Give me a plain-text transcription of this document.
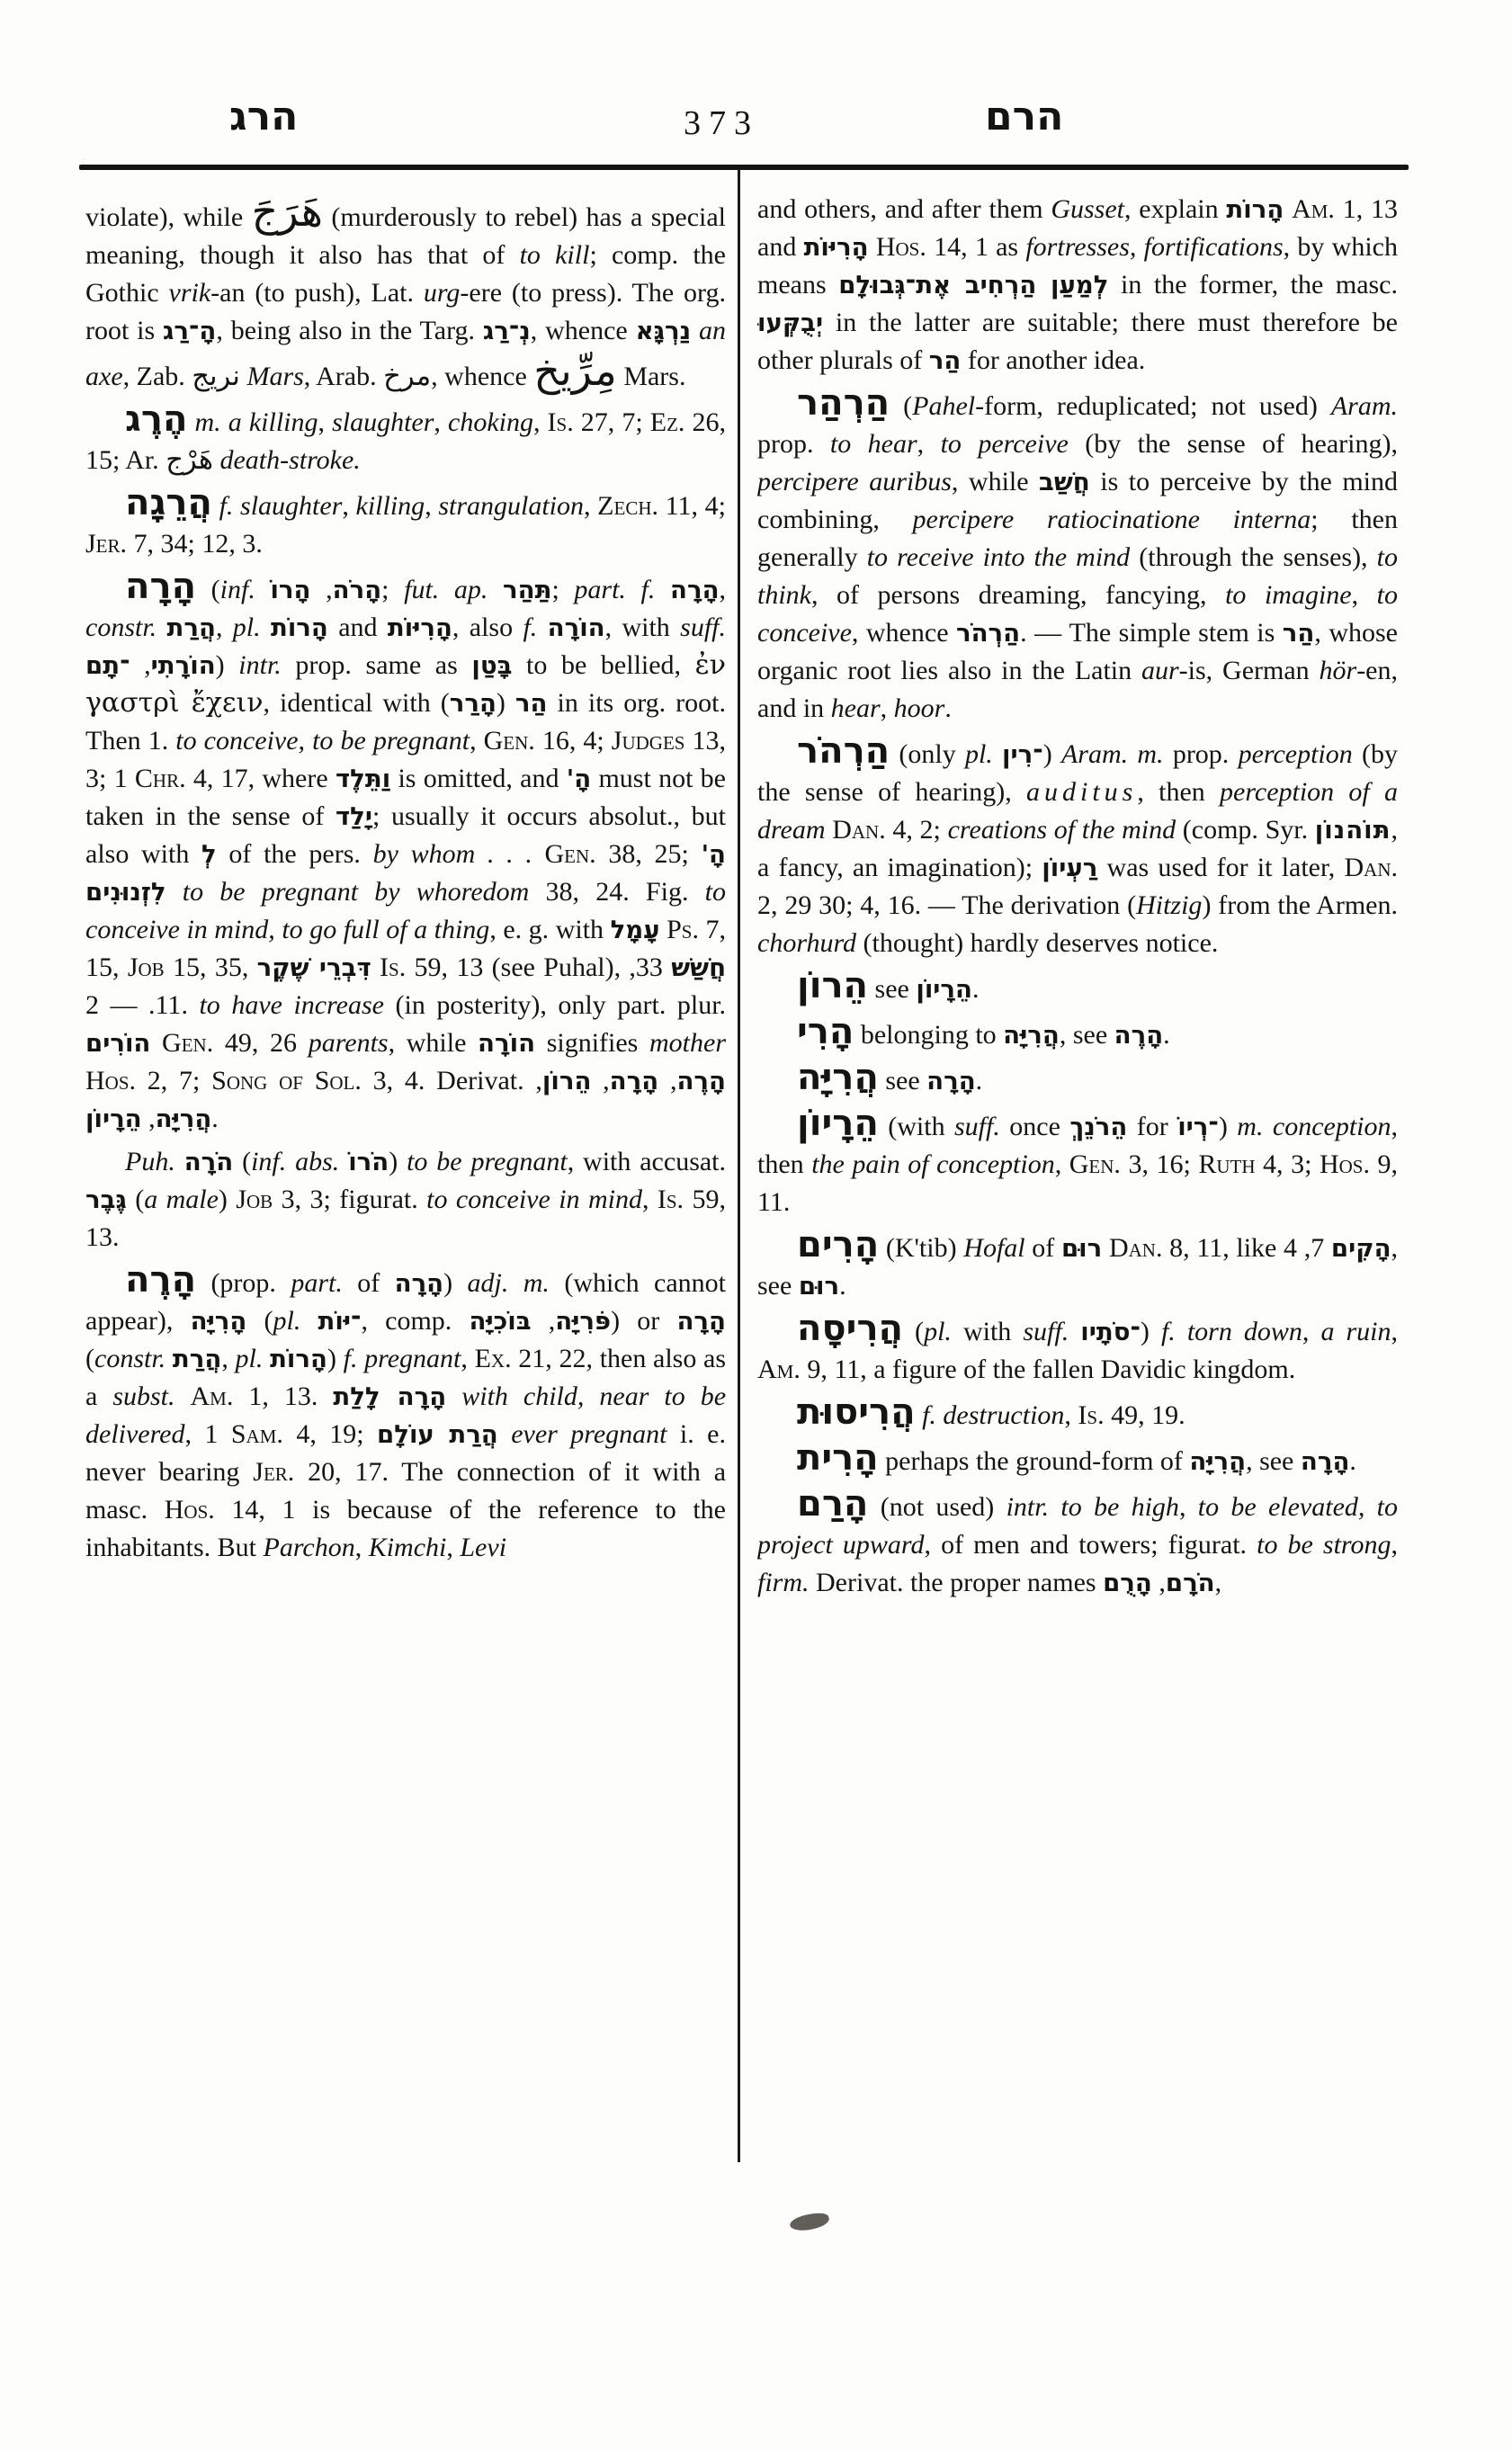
הרג	373	הרם

violate), while هَرَجَ (murderously to rebel) has a special meaning, though it also has that of to kill; comp. the Gothic vrik-an (to push), Lat. urg-ere (to press). The org. root is הָ־רַג, being also in the Targ. נְ־רַג, whence נַרְגָּא an axe, Zab. نريج Mars, Arab. مرخ, whence مِرِّيخ Mars.

הֶרֶג m. a killing, slaughter, choking, Is. 27, 7; Ez. 26, 15; Ar. هَرْج death-stroke.

הֲרֵגָה f. slaughter, killing, strangulation, Zech. 11, 4; Jer. 7, 34; 12, 3.

הָרָה (inf.	הָרֹה, הָרוֹ	; fut. ap. תַּהַר; part. f. הָרָה, constr. הֲרַת, pl. הָרוֹת and הָרִיּוֹת, also f. הוֹרָה, with suff. הוֹרָתִי, ־תָם	) intr. prop. same as בָּטַן to be bellied, ἐν γαστρὶ ἔχειν, identical with	הַר (הָרַר) in its org. root. Then 1. to conceive, to be pregnant, Gen. 16, 4; Judges 13, 3; 1 Chr. 4, 17, where וַתֵּלֶד is omitted, and 'הָ must not be taken in the sense of יָלַד; usually it occurs absolut., but also with לְ of the pers. by whom . . . Gen. 38, 25; הָ' לִזְנוּנִים to be pregnant by whoredom 38, 24. Fig. to conceive in mind, to go full of a thing, e. g. with עָמָל Ps. 7, 15, Job 15, 35, דִּבְרֵי שֶׁקֶר Is. 59, 13 (see Puhal), חֲשַׁשׁ 33, 11. — 2. to have increase (in posterity), only part. plur. הוֹרִים Gen. 49, 26 parents, while הוֹרָה signifies mother Hos. 2, 7; Song of Sol. 3, 4. Derivat.	הָרֶה, הָרָה, הֵרוֹן, הֲרִיָּה, הֵרָיוֹן	.

Puh. הֹרָה (inf. abs. הֹרוֹ) to be pregnant, with accusat. גֶּבֶר (a male) Job 3, 3; figurat. to conceive in mind, Is. 59, 13.

הָרֶה (prop. part. of הָרָה) adj. m. (which cannot appear), הָרִיָּה (pl. ־יּוֹת, comp.	פֹּרִיָּה, בּוֹכִיָּה	) or הָרָה (constr. הֲרַת, pl. הָרוֹת) f. pregnant, Ex. 21, 22, then also as a subst. Am. 1, 13. הָרָה לָלַת with child, near to be delivered, 1 Sam. 4, 19; הֲרַת עוֹלָם ever pregnant i. e. never bearing Jer. 20, 17. The connection of it with a masc. Hos. 14, 1 is because of the reference to the inhabitants. But Parchon, Kimchi, Levi

and others, and after them Gusset, explain הָרוֹת Am. 1, 13 and הָרִיּוֹת Hos. 14, 1 as fortresses, fortifications, by which means לְמַעַן הַרְחִיב אֶת־גְּבוּלָם in the former, the masc. יְבֻקְּעוּ in the latter are suitable; there must therefore be other plurals of הַר for another idea.

הַרְהַר (Pahel-form, reduplicated; not used) Aram. prop. to hear, to perceive (by the sense of hearing), percipere auribus, while חֲשַׁב is to perceive by the mind combining, percipere ratiocinatione interna; then generally to receive into the mind (through the senses), to think, of persons dreaming, fancying, to imagine, to conceive, whence הַרְהֹר. — The simple stem is הַר, whose organic root lies also in the Latin aur-is, German hör-en, and in hear, hoor.

הַרְהֹר (only pl. ־רִין) Aram. m. prop. perception (by the sense of hearing), auditus, then perception of a dream Dan. 4, 2; creations of the mind (comp. Syr. תּוֹהנוֹן, a fancy, an imagination); רַעְיוֹן was used for it later, Dan. 2, 29 30; 4, 16. — The derivation (Hitzig) from the Armen. chorhurd (thought) hardly deserves notice.

הֵרוֹן see הֵרָיוֹן.

הָרִי belonging to הֲרִיָּה, see הָרֶה.

הֲרִיָּה see הָרָה.

הֵרָיוֹן (with suff. once הֵרֹנֵךְ for ־רְיוֹ) m. conception, then the pain of conception, Gen. 3, 16; Ruth 4, 3; Hos. 9, 11.

הָרִים (K'tib) Hofal of רוּם Dan. 8, 11, like הָקִים 7, 4, see רוּם.

הֲרִיסָה (pl. with suff. ־סֹתָיו) f. torn down, a ruin, Am. 9, 11, a figure of the fallen Davidic kingdom.

הֲרִיסוּת f. destruction, Is. 49, 19.

הָרִית perhaps the ground-form of הֲרִיָּה, see הָרָה.

הָרַם (not used) intr. to be high, to be elevated, to project upward, of men and towers; figurat. to be strong, firm. Derivat. the proper names	הֹרָם, הָרֻם ,
